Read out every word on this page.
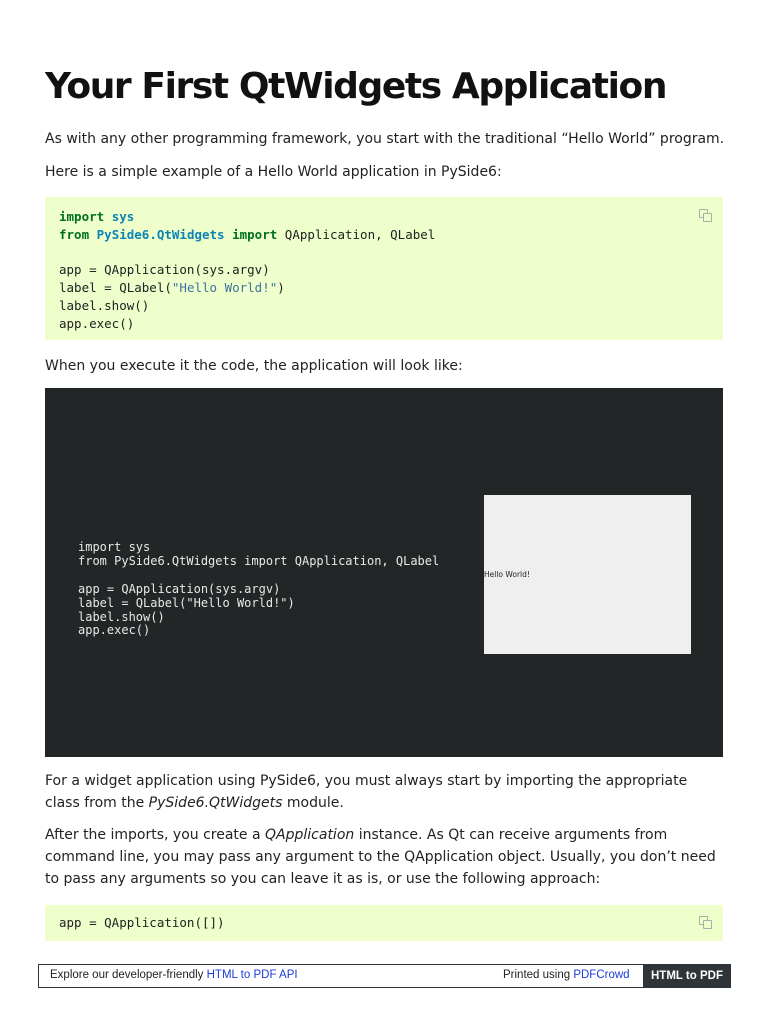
Your First QtWidgets Application

As with any other programming framework, you start with the traditional “Hello World” program.

Here is a simple example of a Hello World application in PySide6:

import sys
from PySide6.QtWidgets import QApplication, QLabel

app = QApplication(sys.argv)
label = QLabel("Hello World!")
label.show()
app.exec()

When you execute it the code, the application will look like:

import sys
from PySide6.QtWidgets import QApplication, QLabel

app = QApplication(sys.argv)
label = QLabel("Hello World!")
label.show()
app.exec()
Hello World!

For a widget application using PySide6, you must always start by importing the appropriate class from the PySide6.QtWidgets module.

After the imports, you create a QApplication instance. As Qt can receive arguments from command line, you may pass any argument to the QApplication object. Usually, you don’t need to pass any arguments so you can leave it as is, or use the following approach:

app = QApplication([])
Explore our developer-friendly HTML to PDF API	Printed using PDFCrowd	HTML to PDF
